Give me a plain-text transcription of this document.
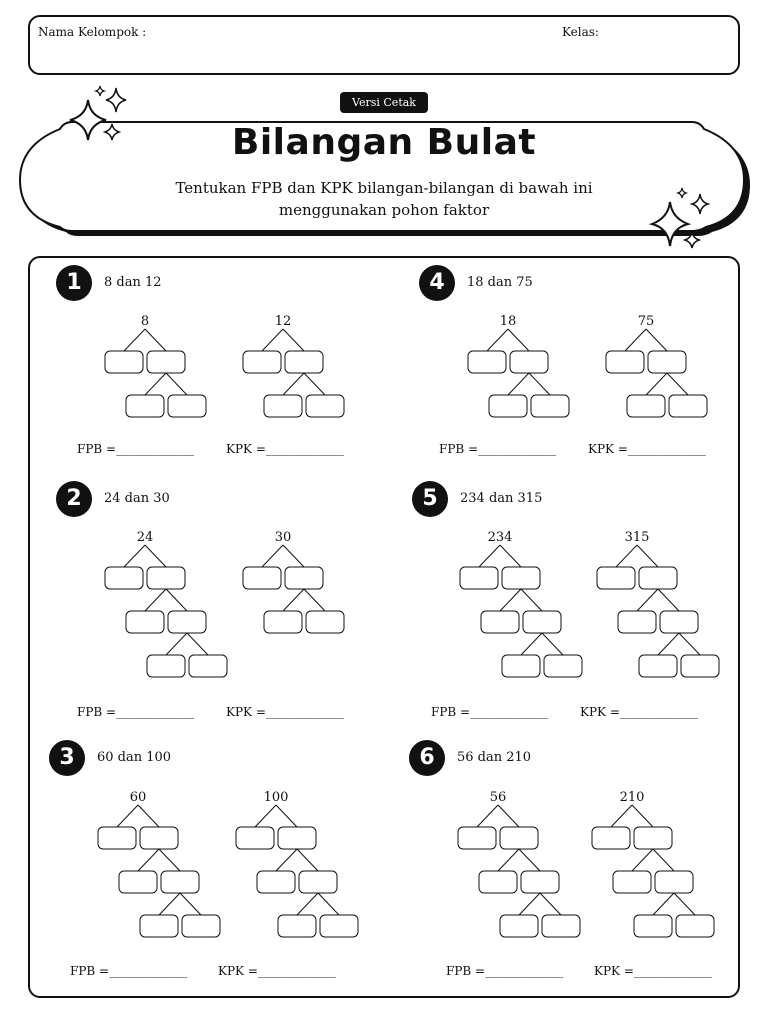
Nama Kelompok :	Kelas:
Versi Cetak
Bilangan Bulat
Tentukan FPB dan KPK bilangan-bilangan di bawah ini
menggunakan pohon faktor
1	8 dan 12
8	12
FPB =_____________	KPK =_____________
2	24 dan 30
24	30
FPB =_____________	KPK =_____________
3	60 dan 100
60	100
FPB =_____________	KPK =_____________
4	18 dan 75
18	75
FPB =_____________	KPK =_____________
5	234 dan 315
234	315
FPB =_____________	KPK =_____________
6	56 dan 210
56	210
FPB =_____________	KPK =_____________
